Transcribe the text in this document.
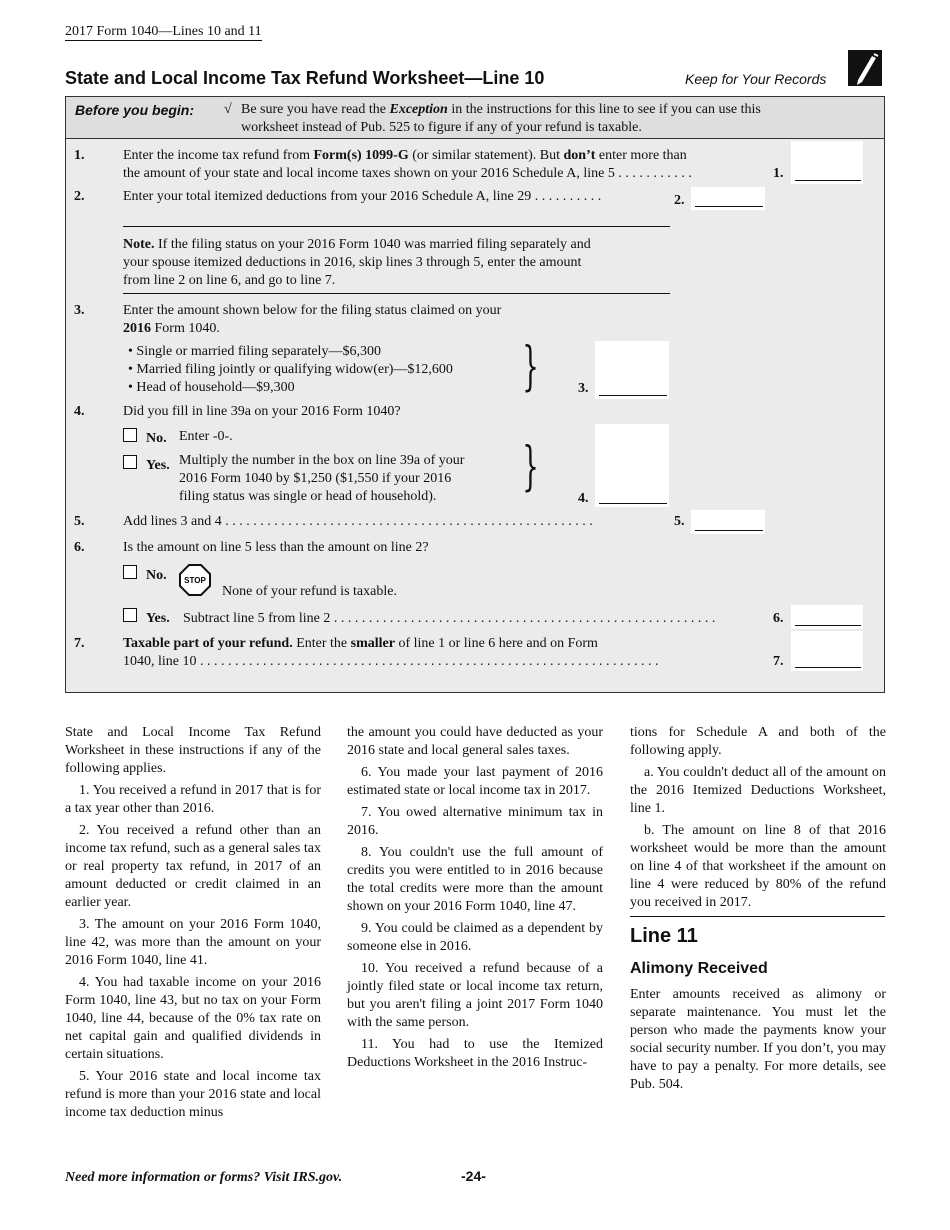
2017 Form 1040—Lines 10 and 11
State and Local Income Tax Refund Worksheet—Line 10	Keep for Your Records
Before you begin: √ Be sure you have read the Exception in the instructions for this line to see if you can use this
worksheet instead of Pub. 525 to figure if any of your refund is taxable.
1.	Enter the income tax refund from Form(s) 1099-G (or similar statement). But don’t enter more than
the amount of your state and local income taxes shown on your 2016 Schedule A, line 5 . . . . . . . . . . .	1.
2.	Enter your total itemized deductions from your 2016 Schedule A, line 29 . . . . . . . . . .	2.
Note. If the filing status on your 2016 Form 1040 was married filing separately and
your spouse itemized deductions in 2016, skip lines 3 through 5, enter the amount
from line 2 on line 6, and go to line 7.
3.	Enter the amount shown below for the filing status claimed on your
2016 Form 1040.
• Single or married filing separately—$6,300
• Married filing jointly or qualifying widow(er)—$12,600
• Head of household—$9,300	}	3.
4.	Did you fill in line 39a on your 2016 Form 1040?
No. Enter -0-.
Yes. Multiply the number in the box on line 39a of your
2016 Form 1040 by $1,250 ($1,550 if your 2016
filing status was single or head of household). }
4.
5.	Add lines 3 and 4 . . . . . . . . . . . . . . . . . . . . . . . . . . . . . . . . . . . . . . . . . . . . . . . . . . . . .	5.
6.	Is the amount on line 5 less than the amount on line 2?
No. STOP
None of your refund is taxable.
Yes. Subtract line 5 from line 2 . . . . . . . . . . . . . . . . . . . . . . . . . . . . . . . . . . . . . . . . . . . . . . . . . . . . . . .	6.
7.	Taxable part of your refund. Enter the smaller of line 1 or line 6 here and on Form
1040, line 10 . . . . . . . . . . . . . . . . . . . . . . . . . . . . . . . . . . . . . . . . . . . . . . . . . . . . . . . . . . . . . . . . . .	7.

State and Local Income Tax Refund Worksheet in these instructions if any of the following applies.

1. You received a refund in 2017 that is for a tax year other than 2016.

2. You received a refund other than an income tax refund, such as a general sales tax or real property tax refund, in 2017 of an amount deducted or credit claimed in an earlier year.

3. The amount on your 2016 Form 1040, line 42, was more than the amount on your 2016 Form 1040, line 41.

4. You had taxable income on your 2016 Form 1040, line 43, but no tax on your Form 1040, line 44, because of the 0% tax rate on net capital gain and qualified dividends in certain situations.

5. Your 2016 state and local income tax refund is more than your 2016 state and local income tax deduction minus

the amount you could have deducted as your 2016 state and local general sales taxes.

6. You made your last payment of 2016 estimated state or local income tax in 2017.

7. You owed alternative minimum tax in 2016.

8. You couldn't use the full amount of credits you were entitled to in 2016 because the total credits were more than the amount shown on your 2016 Form 1040, line 47.

9. You could be claimed as a dependent by someone else in 2016.

10. You received a refund because of a jointly filed state or local income tax return, but you aren't filing a joint 2017 Form 1040 with the same person.

11. You had to use the Itemized Deductions Worksheet in the 2016 Instruc-

tions for Schedule A and both of the following apply.

a. You couldn't deduct all of the amount on the 2016 Itemized Deductions Worksheet, line 1.

b. The amount on line 8 of that 2016 worksheet would be more than the amount on line 4 of that worksheet if the amount on line 4 were reduced by 80% of the refund you received in 2017.

Line 11
Alimony Received
Enter amounts received as alimony or separate maintenance. You must let the person who made the payments know your social security number. If you don’t, you may have to pay a penalty. For more details, see Pub. 504.
Need more information or forms? Visit IRS.gov.	-24-
